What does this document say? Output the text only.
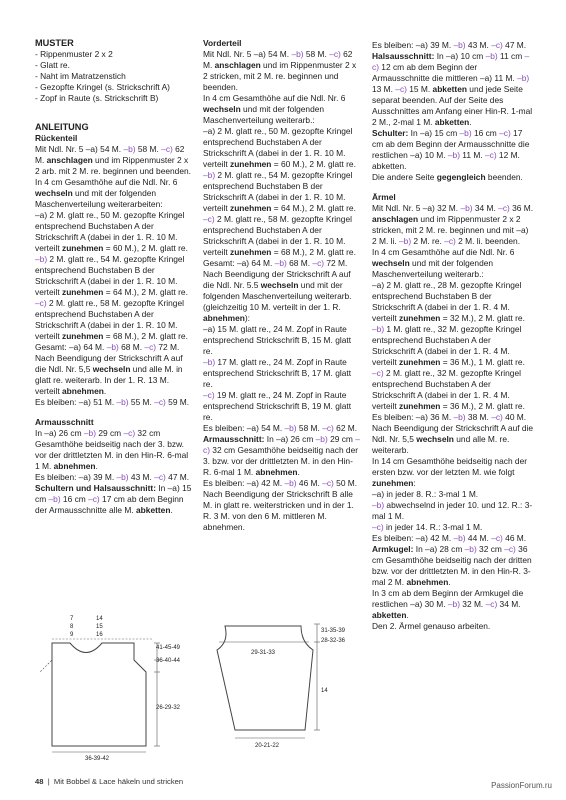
MUSTER

- Rippenmuster 2 x 2

- Glatt re.

- Naht im Matratzenstich

- Gezopfte Kringel (s. Strickschrift A)

- Zopf in Raute (s. Strickschrift B)

ANLEITUNG

Rückenteil

Mit Ndl. Nr. 5 –a) 54 M. –b) 58 M. –c) 62 M. anschlagen und im Rippenmuster 2 x 2 arb. mit 2 M. re. beginnen und beenden.
In 4 cm Gesamthöhe auf die Ndl. Nr. 6 wechseln und mit der folgenden Maschenverteilung weiterarbeiten:
–a) 2 M. glatt re., 50 M. gezopfte Kringel entsprechend Buchstaben A der Strickschrift A (dabei in der 1. R. 10 M. verteilt zunehmen = 60 M.), 2 M. glatt re.
–b) 2 M. glatt re., 54 M. gezopfte Kringel entsprechend Buchstaben B der Strickschrift A (dabei in der 1. R. 10 M. verteilt zunehmen = 64 M.), 2 M. glatt re.
–c) 2 M. glatt re., 58 M. gezopfte Kringel entsprechend Buchstaben A der Strickschrift A (dabei in der 1. R. 10 M. verteilt zunehmen = 68 M.), 2 M. glatt re.
Gesamt: –a) 64 M. –b) 68 M. –c) 72 M.
Nach Beendigung der Strickschrift A auf die Ndl. Nr. 5,5 wechseln und alle M. in glatt re. weiterarb. In der 1. R. 13 M. verteilt abnehmen.
Es bleiben: –a) 51 M. –b) 55 M. –c) 59 M.

Armausschnitt

In –a) 26 cm –b) 29 cm –c) 32 cm Gesamthöhe beidseitig nach der 3. bzw. vor der drittletzten M. in den Hin-R. 6-mal 1 M. abnehmen.
Es bleiben: –a) 39 M. –b) 43 M. –c) 47 M.
Schultern und Halsausschnitt: In –a) 15 cm –b) 16 cm –c) 17 cm ab dem Beginn der Armausschnitte alle M. abketten.

Vorderteil

Mit Ndl. Nr. 5 –a) 54 M. –b) 58 M. –c) 62 M. anschlagen und im Rippenmuster 2 x 2 stricken, mit 2 M. re. beginnen und beenden.
In 4 cm Gesamthöhe auf die Ndl. Nr. 6 wechseln und mit der folgenden Maschenverteilung weiterarb.:
–a) 2 M. glatt re., 50 M. gezopfte Kringel entsprechend Buchstaben A der Strickschrift A (dabei in der 1. R. 10 M. verteilt zunehmen = 60 M.), 2 M. glatt re.
–b) 2 M. glatt re., 54 M. gezopfte Kringel entsprechend Buchstaben B der Strickschrift A (dabei in der 1. R. 10 M. verteilt zunehmen = 64 M.), 2 M. glatt re.
–c) 2 M. glatt re., 58 M. gezopfte Kringel entsprechend Buchstaben A der Strickschrift A (dabei in der 1. R. 10 M. verteilt zunehmen = 68 M.), 2 M. glatt re.
Gesamt: –a) 64 M. –b) 68 M. –c) 72 M.
Nach Beendigung der Strickschrift A auf die Ndl. Nr. 5.5 wechseln und mit der folgenden Maschenverteilung weiterarb. (gleichzeitig 10 M. verteilt in der 1. R. abnehmen):
–a) 15 M. glatt re., 24 M. Zopf in Raute entsprechend Strickschrift B, 15 M. glatt re.
–b) 17 M. glatt re., 24 M. Zopf in Raute entsprechend Strickschrift B, 17 M. glatt re.
–c) 19 M. glatt re., 24 M. Zopf in Raute entsprechend Strickschrift B, 19 M. glatt re.
Es bleiben: –a) 54 M. –b) 58 M. –c) 62 M.
Armausschnitt: In –a) 26 cm –b) 29 cm –c) 32 cm Gesamthöhe beidseitig nach der 3. bzw. vor der drittletzten M. in den Hin-R. 6-mal 1 M. abnehmen.
Es bleiben: –a) 42 M. –b) 46 M. –c) 50 M.
Nach Beendigung der Strickschrift B alle M. in glatt re. weiterstricken und in der 1. R. 3 M. von den 6 M. mittleren M. abnehmen.

Es bleiben: –a) 39 M. –b) 43 M. –c) 47 M.
Halsausschnitt: In –a) 10 cm –b) 11 cm –c) 12 cm ab dem Beginn der Armausschnitte die mittleren –a) 11 M. –b) 13 M. –c) 15 M. abketten und jede Seite separat beenden. Auf der Seite des Ausschnittes am Anfang einer Hin-R. 1-mal 2 M., 2-mal 1 M. abketten.
Schulter: In –a) 15 cm –b) 16 cm –c) 17 cm ab dem Beginn der Armausschnitte die restlichen –a) 10 M. –b) 11 M. –c) 12 M. abketten.
Die andere Seite gegengleich beenden.

Ärmel

Mit Ndl. Nr. 5 –a) 32 M. –b) 34 M. –c) 36 M. anschlagen und im Rippenmuster 2 x 2 stricken, mit 2 M. re. beginnen und mit –a) 2 M. li. –b) 2 M. re. –c) 2 M. li. beenden.
In 4 cm Gesamthöhe auf die Ndl. Nr. 6 wechseln und mit der folgenden Maschenverteilung weiterarb.:
–a) 2 M. glatt re., 28 M. gezopfte Kringel entsprechend Buchstaben B der Strickschrift A (dabei in der 1. R. 4 M. verteilt zunehmen = 32 M.), 2 M. glatt re.
–b) 1 M. glatt re., 32 M. gezopfte Kringel entsprechend Buchstaben A der Strickschrift A (dabei in der 1. R. 4 M. verteilt zunehmen = 36 M.), 1 M. glatt re.
–c) 2 M. glatt re., 32 M. gezopfte Kringel entsprechend Buchstaben A der Strickschrift A (dabei in der 1. R. 4 M. verteilt zunehmen = 36 M.), 2 M. glatt re.
Es bleiben: –a) 36 M. –b) 38 M. –c) 40 M.
Nach Beendigung der Strickschrift A auf die Ndl. Nr. 5,5 wechseln und alle M. re. weiterarb.
In 14 cm Gesamthöhe beidseitig nach der ersten bzw. vor der letzten M. wie folgt zunehmen:
–a) in jeder 8. R.: 3-mal 1 M.
–b) abwechselnd in jeder 10. und 12. R.: 3-mal 1 M.
–c) in jeder 14. R.: 3-mal 1 M.
Es bleiben: –a) 42 M. –b) 44 M. –c) 46 M.
Armkugel: In –a) 28 cm –b) 32 cm –c) 36 cm Gesamthöhe beidseitig nach der dritten bzw. vor der drittletzten M. in den Hin-R. 3-mal 2 M. abnehmen.
In 3 cm ab dem Beginn der Armkugel die restlichen –a) 30 M. –b) 32 M. –c) 34 M. abketten.
Den 2. Ärmel genauso arbeiten.

7	14
8	15
9	16
41-45-49
36-40-44
26-29-32
36-39-42
29-31-33
31-35-39
28-32-36
14
20-21-22
48 | Mit Bobbel & Lace häkeln und stricken	PassionForum.ru
